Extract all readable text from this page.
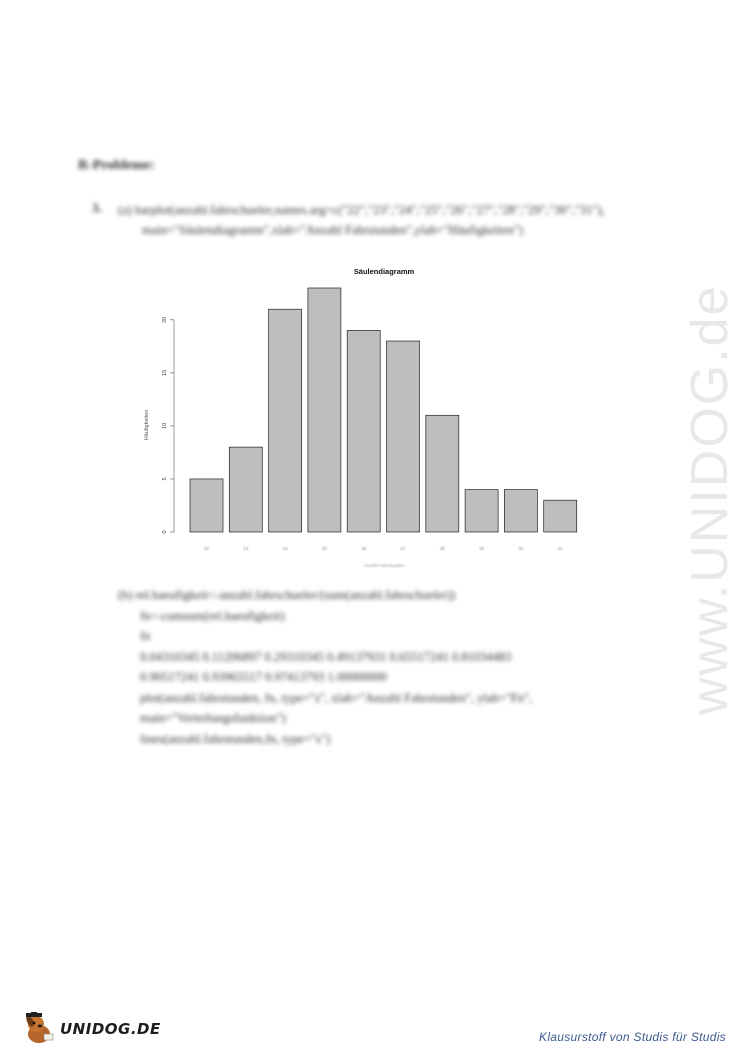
R-Probleme:
3. (a) barplot(anzahl.fahrschueler,names.arg=c("22","23","24","25","26","27","28","29","30","31"),

main="Säulendiagramm",xlab="Anzahl Fahrstunden",ylab="Häufigkeiten")
Säulendiagramm
Häufigkeiten
Anzahl Fahrstunden
0
5
10
15
20
22	23	24	25	26	27	28	29	30	31
(b) rel.haeufigkeit<-anzahl.fahrschueler/(sum(anzahl.fahrschueler))
fn<-cumsum(rel.haeufigkeit)
fn
0.04310345 0.11206897 0.29310345 0.49137931 0.65517241 0.81034483
0.90517241 0.93965517 0.97413793 1.00000000
plot(anzahl.fahrstunden, fn, type="s", xlab="Anzahl Fahrstunden", ylab="Fn",
main="Verteilungsfunktion")
lines(anzahl.fahrstunden,fn, type="s")
www.UNIDOG.de
UNIDOG.DE	Klausurstoff von Studis für Studis
